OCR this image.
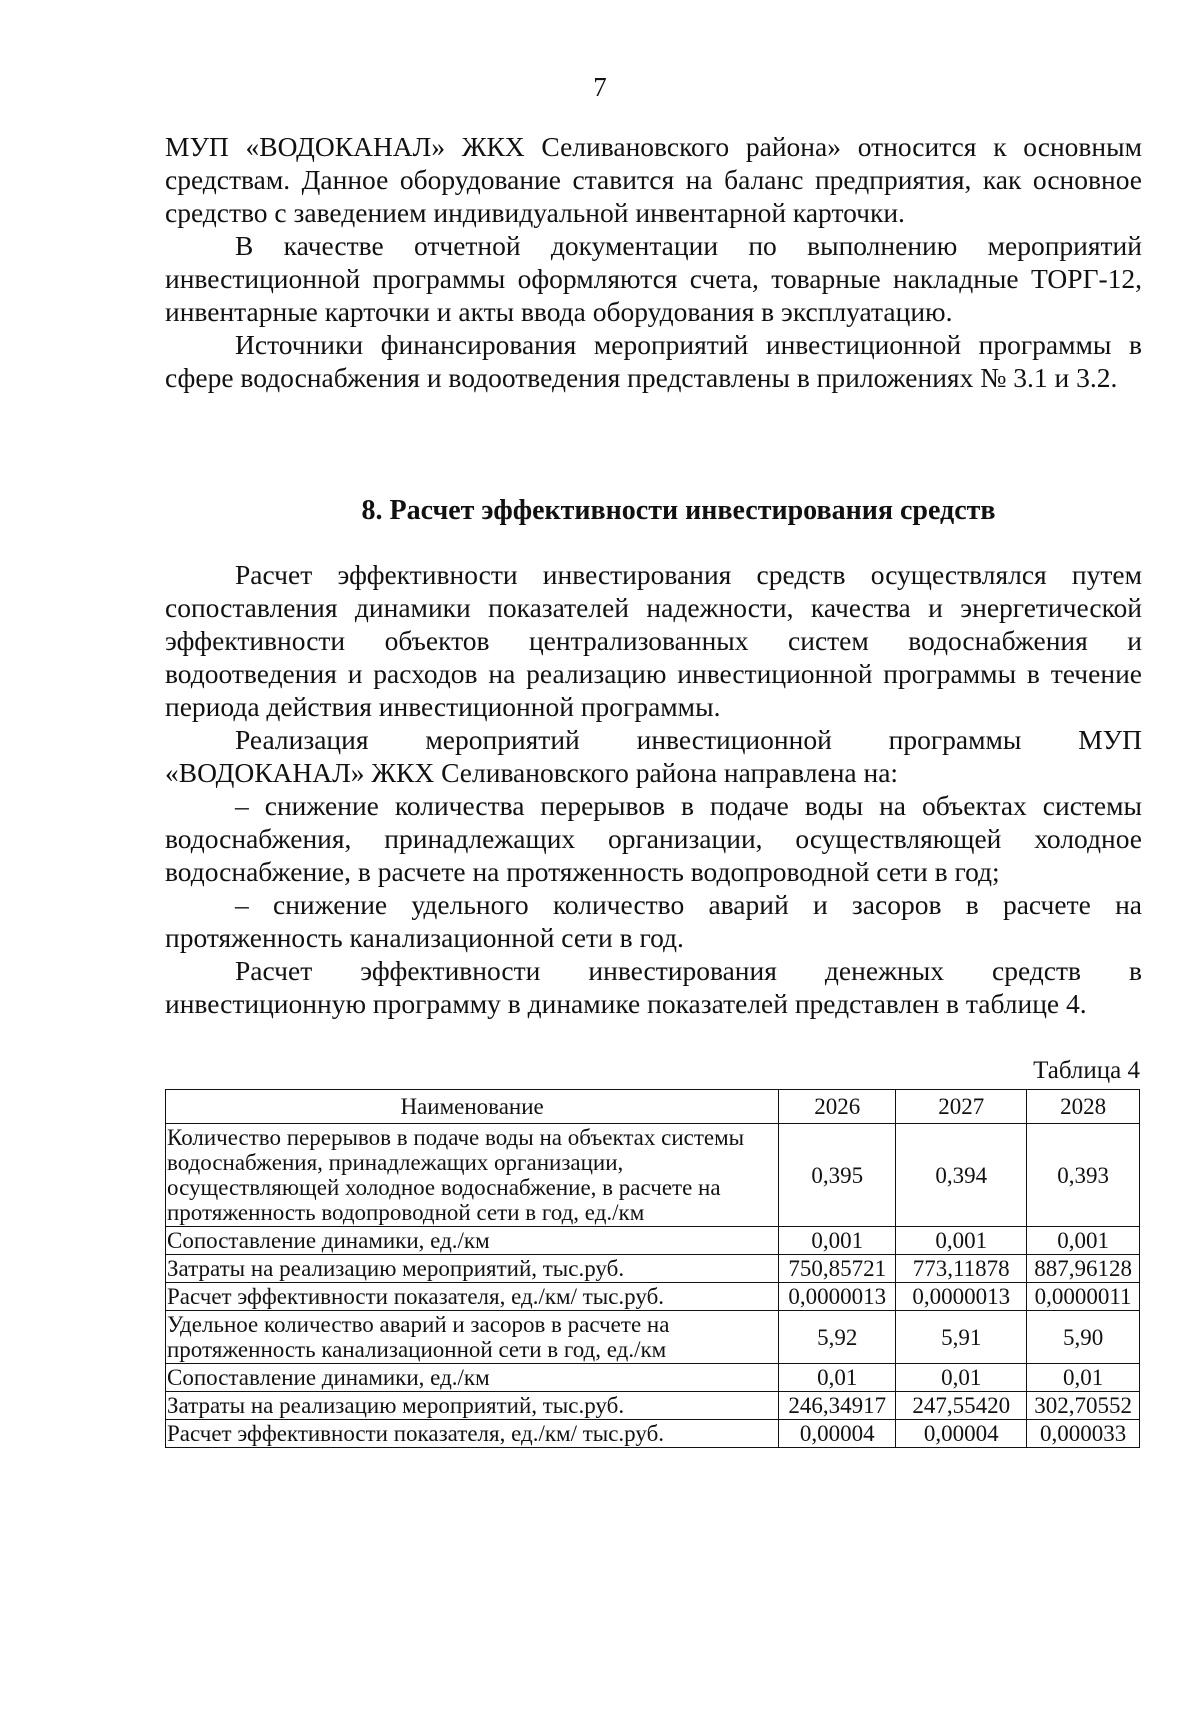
7

МУП «ВОДОКАНАЛ» ЖКХ Селивановского района» относится к основным средствам. Данное оборудование ставится на баланс предприятия, как основное средство с заведением индивидуальной инвентарной карточки.

В качестве отчетной документации по выполнению мероприятий инвестиционной программы оформляются счета, товарные накладные ТОРГ-12, инвентарные карточки и акты ввода оборудования в эксплуатацию.

Источники финансирования мероприятий инвестиционной программы в сфере водоснабжения и водоотведения представлены в приложениях № 3.1 и 3.2.

8. Расчет эффективности инвестирования средств

Расчет эффективности инвестирования средств осуществлялся путем сопоставления динамики показателей надежности, качества и энергетической эффективности объектов централизованных систем водоснабжения и водоотведения и расходов на реализацию инвестиционной программы в течение периода действия инвестиционной программы.

Реализация мероприятий инвестиционной программы МУП «ВОДОКАНАЛ» ЖКХ Селивановского района направлена на:

– снижение количества перерывов в подаче воды на объектах системы водоснабжения, принадлежащих организации, осуществляющей холодное водоснабжение, в расчете на протяженность водопроводной сети в год;

– снижение удельного количество аварий и засоров в расчете на протяженность канализационной сети в год.

Расчет эффективности инвестирования денежных средств в инвестиционную программу в динамике показателей представлен в таблице 4.

Таблица 4
Наименование	2026	2027	2028
Количество перерывов в подаче воды на объектах системы водоснабжения, принадлежащих организации, осуществляющей холодное водоснабжение, в расчете на протяженность водопроводной сети в год, ед./км	0,395	0,394	0,393
Сопоставление динамики, ед./км	0,001	0,001	0,001
Затраты на реализацию мероприятий, тыс.руб.	750,85721	773,11878	887,96128
Расчет эффективности показателя, ед./км/ тыс.руб.	0,0000013	0,0000013	0,0000011
Удельное количество аварий и засоров в расчете на протяженность канализационной сети в год, ед./км	5,92	5,91	5,90
Сопоставление динамики, ед./км	0,01	0,01	0,01
Затраты на реализацию мероприятий, тыс.руб.	246,34917	247,55420	302,70552
Расчет эффективности показателя, ед./км/ тыс.руб.	0,00004	0,00004	0,000033
